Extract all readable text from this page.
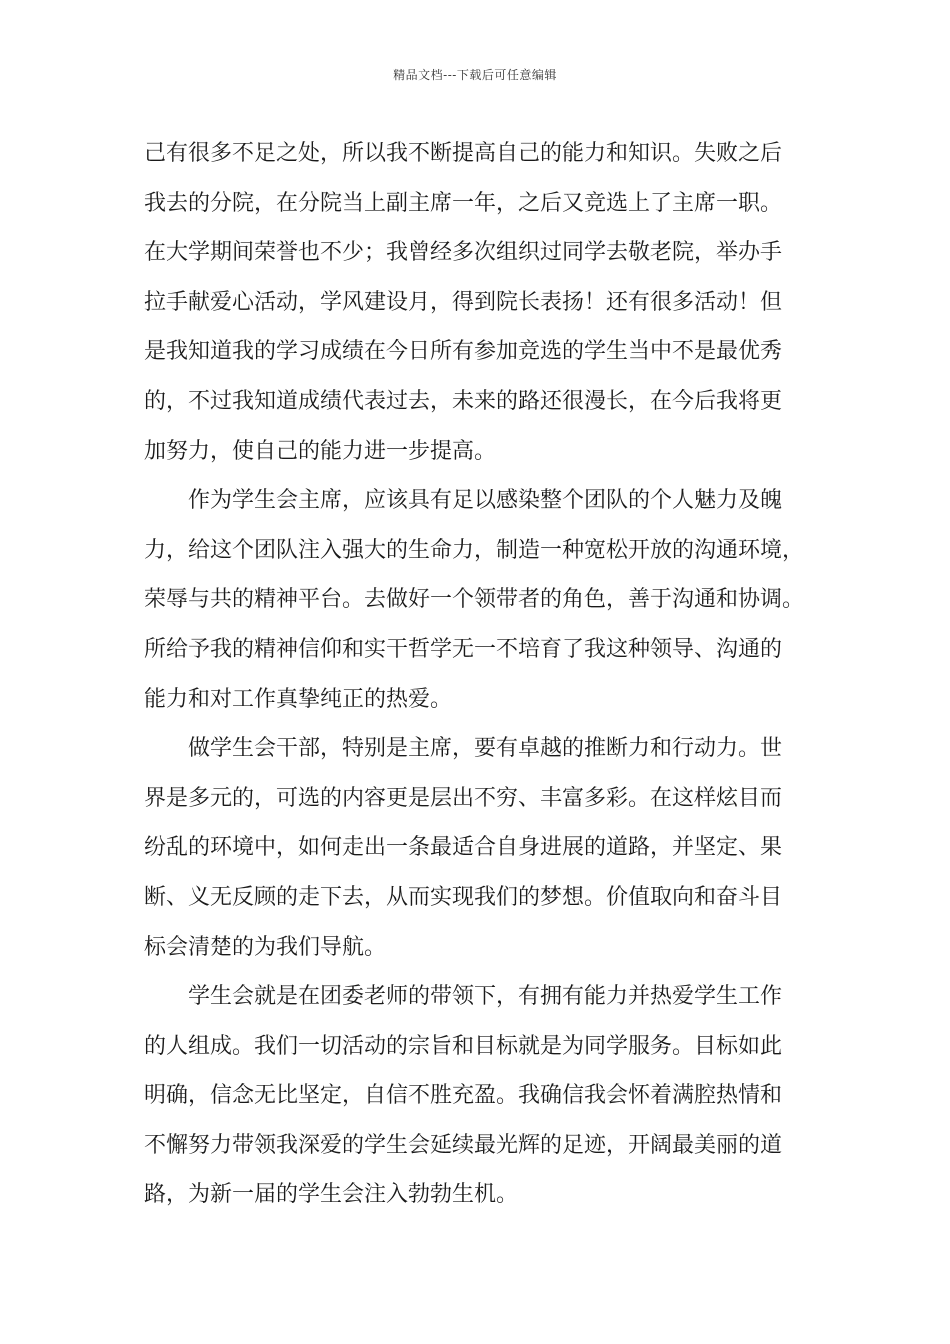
精品文档---下载后可任意编辑
己有很多不足之处，所以我不断提高自己的能力和知识。失败之后
我去的分院，在分院当上副主席一年，之后又竞选上了主席一职。
在大学期间荣誉也不少；我曾经多次组织过同学去敬老院，举办手
拉手献爱心活动，学风建设月，得到院长表扬！还有很多活动！但
是我知道我的学习成绩在今日所有参加竞选的学生当中不是最优秀
的，不过我知道成绩代表过去，未来的路还很漫长，在今后我将更
加努力，使自己的能力进一步提高。
作为学生会主席，应该具有足以感染整个团队的个人魅力及魄
力，给这个团队注入强大的生命力，制造一种宽松开放的沟通环境，
荣辱与共的精神平台。去做好一个领带者的角色，善于沟通和协调。
所给予我的精神信仰和实干哲学无一不培育了我这种领导、沟通的
能力和对工作真挚纯正的热爱。
做学生会干部，特别是主席，要有卓越的推断力和行动力。世
界是多元的，可选的内容更是层出不穷、丰富多彩。在这样炫目而
纷乱的环境中，如何走出一条最适合自身进展的道路，并坚定、果
断、义无反顾的走下去，从而实现我们的梦想。价值取向和奋斗目
标会清楚的为我们导航。
学生会就是在团委老师的带领下，有拥有能力并热爱学生工作
的人组成。我们一切活动的宗旨和目标就是为同学服务。目标如此
明确，信念无比坚定，自信不胜充盈。我确信我会怀着满腔热情和
不懈努力带领我深爱的学生会延续最光辉的足迹，开阔最美丽的道
路，为新一届的学生会注入勃勃生机。
